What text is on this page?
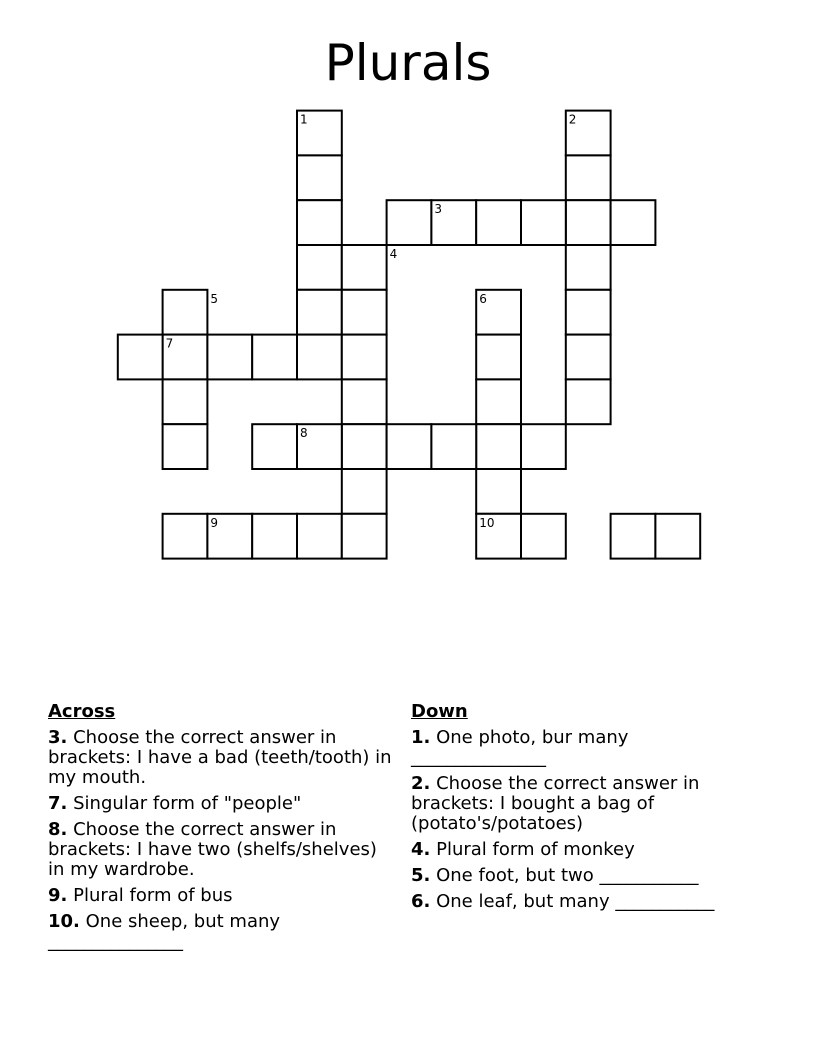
Plurals
1	2
3
4
5	6
7
8
9	10
Across
3. Choose the correct answer in brackets: I have a bad (teeth/tooth) in my mouth.
7. Singular form of "people"
8. Choose the correct answer in brackets: I have two (shelfs/shelves) in my wardrobe.
9. Plural form of bus
10. One sheep, but many _______________
Down
1. One photo, bur many _______________
2. Choose the correct answer in brackets: I bought a bag of (potato's/potatoes)
4. Plural form of monkey
5. One foot, but two ___________
6. One leaf, but many ___________
